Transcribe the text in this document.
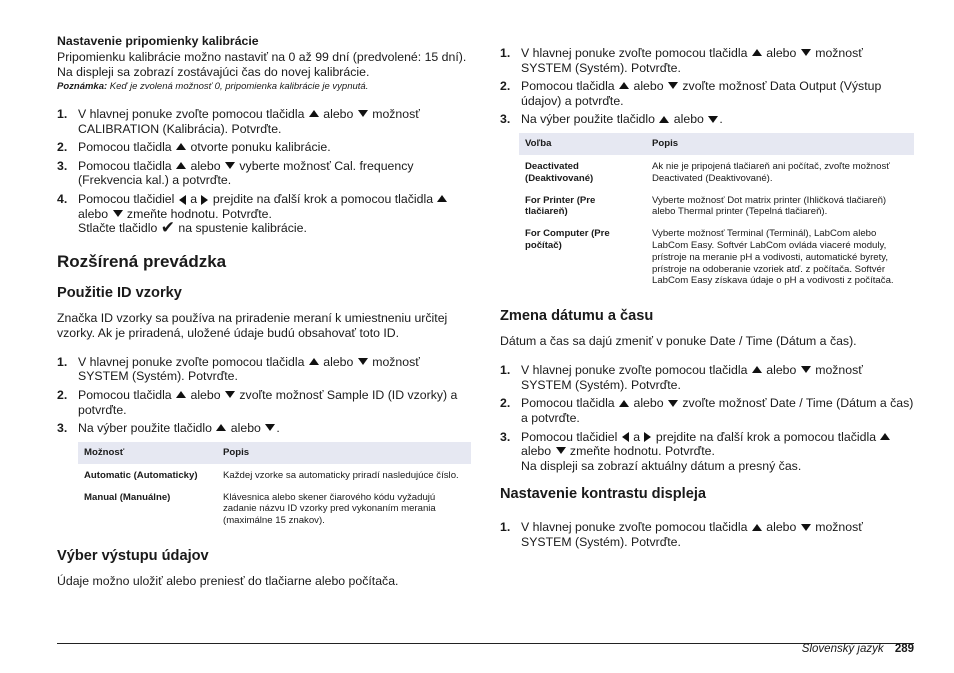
Nastavenie pripomienky kalibrácie

Pripomienku kalibrácie možno nastaviť na 0 až 99 dní (predvolené: 15 dní). Na displeji sa zobrazí zostávajúci čas do novej kalibrácie.

Poznámka: Keď je zvolená možnosť 0, pripomienka kalibrácie je vypnutá.
1. V hlavnej ponuke zvoľte pomocou tlačidla  alebo  možnosť CALIBRATION (Kalibrácia). Potvrďte.
2. Pomocou tlačidla  otvorte ponuku kalibrácie.
3. Pomocou tlačidla  alebo  vyberte možnosť Cal. frequency (Frekvencia kal.) a potvrďte.
4. Pomocou tlačidiel  a  prejdite na ďalší krok a pomocou tlačidla  alebo  zmeňte hodnotu. Potvrďte.
Stlačte tlačidlo ✔ na spustenie kalibrácie.
Rozšírená prevádzka
Použitie ID vzorky

Značka ID vzorky sa používa na priradenie meraní k umiestneniu určitej vzorky. Ak je priradená, uložené údaje budú obsahovať toto ID.

1. V hlavnej ponuke zvoľte pomocou tlačidla  alebo  možnosť SYSTEM (Systém). Potvrďte.
2. Pomocou tlačidla  alebo  zvoľte možnosť Sample ID (ID vzorky) a potvrďte.
3. Na výber použite tlačidlo  alebo .
Možnosť	Popis
Automatic (Automaticky)	Každej vzorke sa automaticky priradí nasledujúce číslo.
Manual (Manuálne)	Klávesnica alebo skener čiarového kódu vyžadujú zadanie názvu ID vzorky pred vykonaním merania (maximálne 15 znakov).
Výber výstupu údajov

Údaje možno uložiť alebo preniesť do tlačiarne alebo počítača.

1. V hlavnej ponuke zvoľte pomocou tlačidla  alebo  možnosť SYSTEM (Systém). Potvrďte.
2. Pomocou tlačidla  alebo  zvoľte možnosť Data Output (Výstup údajov) a potvrďte.
3. Na výber použite tlačidlo  alebo .
Voľba	Popis
Deactivated (Deaktivované)	Ak nie je pripojená tlačiareň ani počítač, zvoľte možnosť Deactivated (Deaktivované).
For Printer (Pre tlačiareň)	Vyberte možnosť Dot matrix printer (Ihličková tlačiareň) alebo Thermal printer (Tepelná tlačiareň).
For Computer (Pre počítač)	Vyberte možnosť Terminal (Terminál), LabCom alebo LabCom Easy. Softvér LabCom ovláda viaceré moduly, prístroje na meranie pH a vodivosti, automatické byrety, prístroje na odoberanie vzoriek atď. z počítača. Softvér LabCom Easy získava údaje o pH a vodivosti z počítača.
Zmena dátumu a času

Dátum a čas sa dajú zmeniť v ponuke Date / Time (Dátum a čas).

1. V hlavnej ponuke zvoľte pomocou tlačidla  alebo  možnosť SYSTEM (Systém). Potvrďte.
2. Pomocou tlačidla  alebo  zvoľte možnosť Date / Time (Dátum a čas) a potvrďte.
3. Pomocou tlačidiel  a  prejdite na ďalší krok a pomocou tlačidla  alebo  zmeňte hodnotu. Potvrďte.
Na displeji sa zobrazí aktuálny dátum a presný čas.
Nastavenie kontrastu displeja
1. V hlavnej ponuke zvoľte pomocou tlačidla  alebo  možnosť SYSTEM (Systém). Potvrďte.
Slovenský jazyk 289
